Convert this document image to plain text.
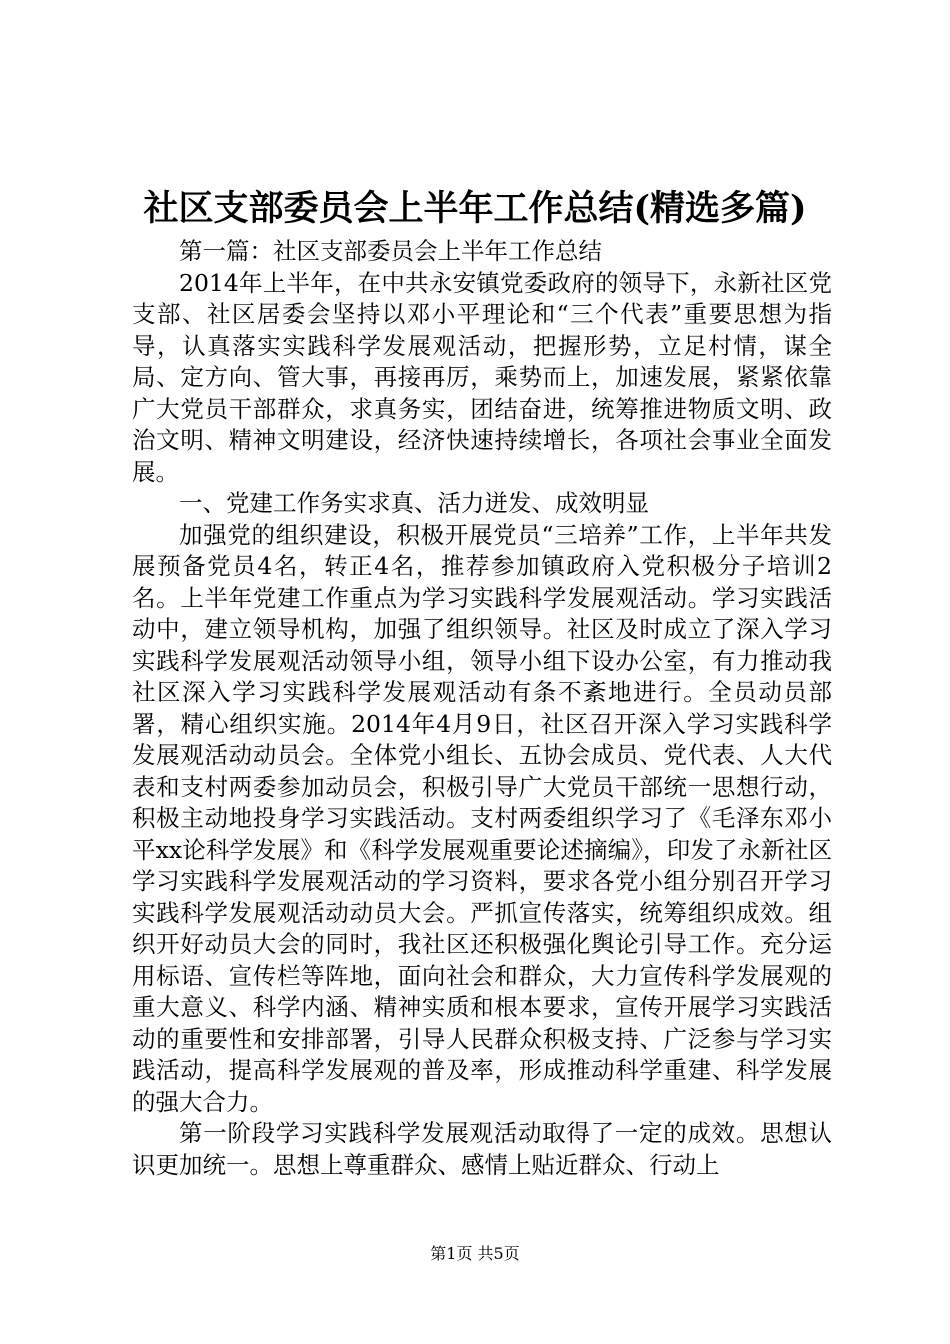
社区支部委员会上半年工作总结(精选多篇)

第一篇：社区支部委员会上半年工作总结

2014年上半年，在中共永安镇党委政府的领导下，永新社区党支部、社区居委会坚持以邓小平理论和“三个代表”重要思想为指导，认真落实实践科学发展观活动，把握形势，立足村情，谋全局、定方向、管大事，再接再厉，乘势而上，加速发展，紧紧依靠广大党员干部群众，求真务实，团结奋进，统筹推进物质文明、政治文明、精神文明建设，经济快速持续增长，各项社会事业全面发展。

一、党建工作务实求真、活力迸发、成效明显

加强党的组织建设，积极开展党员“三培养”工作，上半年共发展预备党员4名，转正4名，推荐参加镇政府入党积极分子培训2名。上半年党建工作重点为学习实践科学发展观活动。学习实践活动中，建立领导机构，加强了组织领导。社区及时成立了深入学习实践科学发展观活动领导小组，领导小组下设办公室，有力推动我社区深入学习实践科学发展观活动有条不紊地进行。全员动员部署，精心组织实施。2014年4月9日，社区召开深入学习实践科学发展观活动动员会。全体党小组长、五协会成员、党代表、人大代表和支村两委参加动员会，积极引导广大党员干部统一思想行动，积极主动地投身学习实践活动。支村两委组织学习了《毛泽东邓小平xx论科学发展》和《科学发展观重要论述摘编》，印发了永新社区学习实践科学发展观活动的学习资料，要求各党小组分别召开学习实践科学发展观活动动员大会。严抓宣传落实，统筹组织成效。组织开好动员大会的同时，我社区还积极强化舆论引导工作。充分运用标语、宣传栏等阵地，面向社会和群众，大力宣传科学发展观的重大意义、科学内涵、精神实质和根本要求，宣传开展学习实践活动的重要性和安排部署，引导人民群众积极支持、广泛参与学习实践活动，提高科学发展观的普及率，形成推动科学重建、科学发展的强大合力。

第一阶段学习实践科学发展观活动取得了一定的成效。思想认识更加统一。思想上尊重群众、感情上贴近群众、行动上

第1页 共5页
